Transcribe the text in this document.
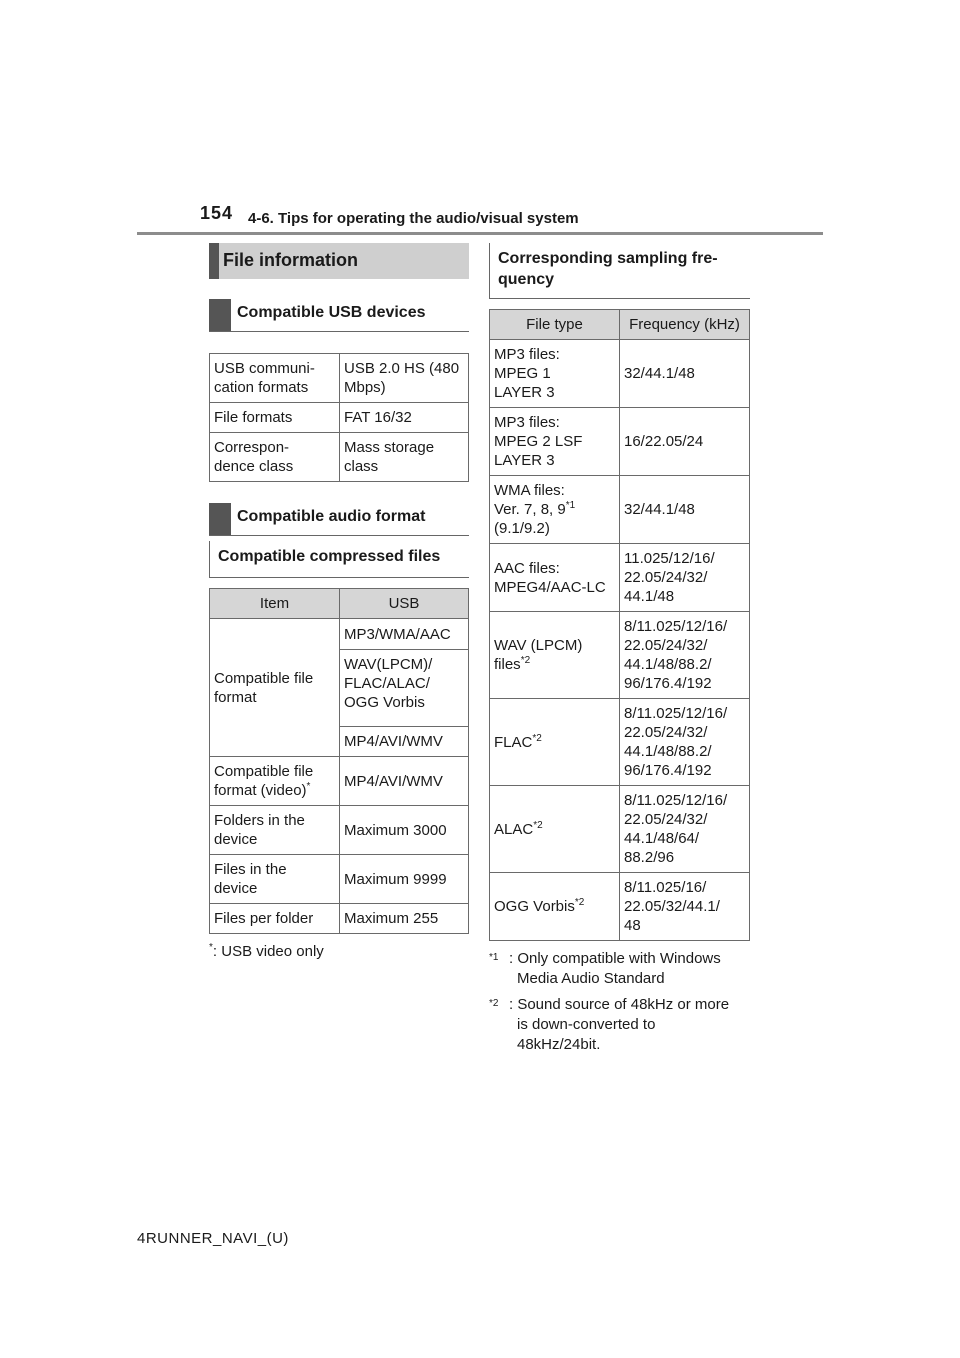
154 4-6. Tips for operating the audio/visual system
File information
Compatible USB devices
USB communi-
cation formats	USB 2.0 HS (480
Mbps)
File formats	FAT 16/32
Correspon-
dence class	Mass storage
class
Compatible audio format
Compatible compressed files
Item	USB
Compatible file
format	MP3/WMA/AAC
	WAV(LPCM)/
FLAC/ALAC/
OGG Vorbis
	MP4/AVI/WMV
Compatible file
format (video)*	MP4/AVI/WMV
Folders in the
device	Maximum 3000
Files in the
device	Maximum 9999
Files per folder	Maximum 255
*: USB video only
Corresponding sampling fre-
quency
File type	Frequency (kHz)
MP3 files:
MPEG 1
LAYER 3	32/44.1/48
MP3 files:
MPEG 2 LSF
LAYER 3	16/22.05/24
WMA files:
Ver. 7, 8, 9$^{*1}$
(9.1/9.2)	32/44.1/48
AAC files:
MPEG4/AAC-LC	11.025/12/16/
22.05/24/32/
44.1/48
WAV (LPCM)
files$^{*2}$	8/11.025/12/16/
22.05/24/32/
44.1/48/88.2/
96/176.4/192
FLAC$^{*2}$	8/11.025/12/16/
22.05/24/32/
44.1/48/88.2/
96/176.4/192
ALAC$^{*2}$	8/11.025/12/16/
22.05/24/32/
44.1/48/64/
88.2/96
OGG Vorbis$^{*2}$	8/11.025/16/
22.05/32/44.1/
48
*1 : Only compatible with Windows
Media Audio Standard
*2 : Sound source of 48kHz or more
is down-converted to
48kHz/24bit.
4RUNNER_NAVI_(U)
